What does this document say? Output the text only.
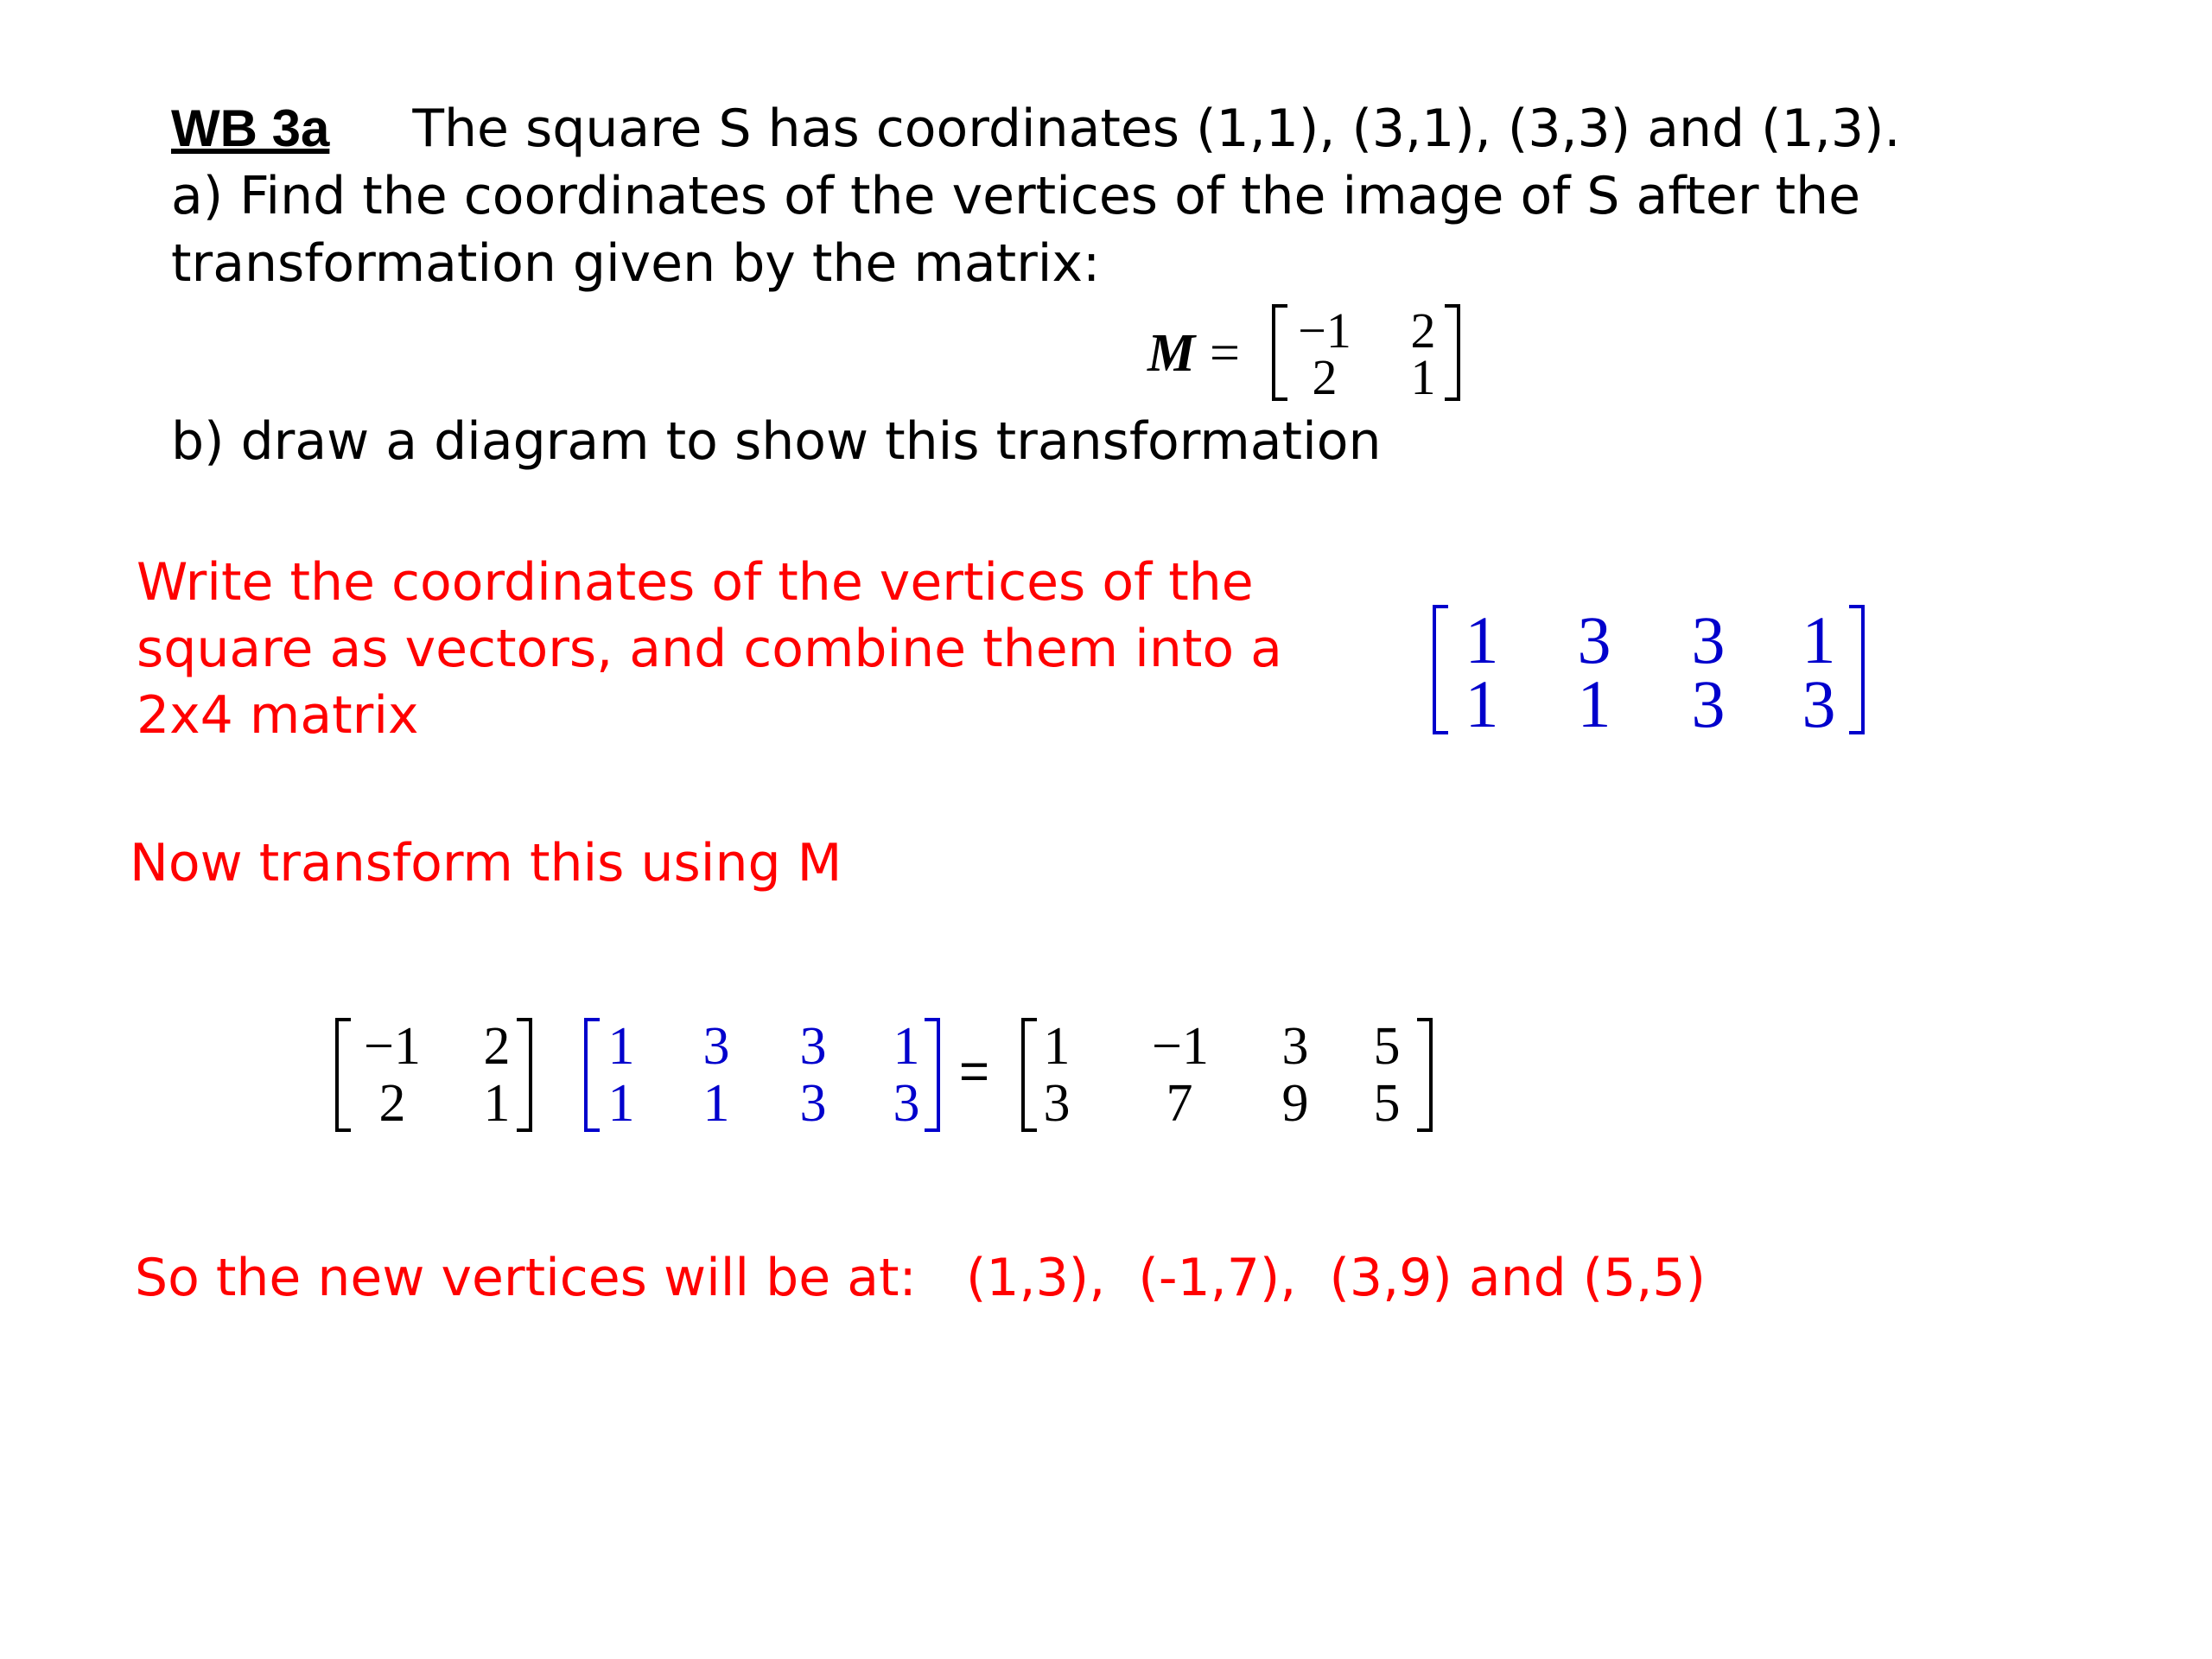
WB 3a The square S has coordinates (1,1), (3,1), (3,3) and (1,3).
a) Find the coordinates of the vertices of the image of S after the
transformation given by the matrix:
M = −1 2
2	1
b) draw a diagram to show this transformation
Write the coordinates of the vertices of the
square as vectors, and combine them into a
2x4 matrix
1 3 3 1
1 1 3 3
Now transform this using M
−1 2
2	1
1 3 3 1
1 1 3 3
= 1	−1	3 5
3 7 9 5
So the new vertices will be at:   (1,3),  (-1,7),  (3,9) and (5,5)
